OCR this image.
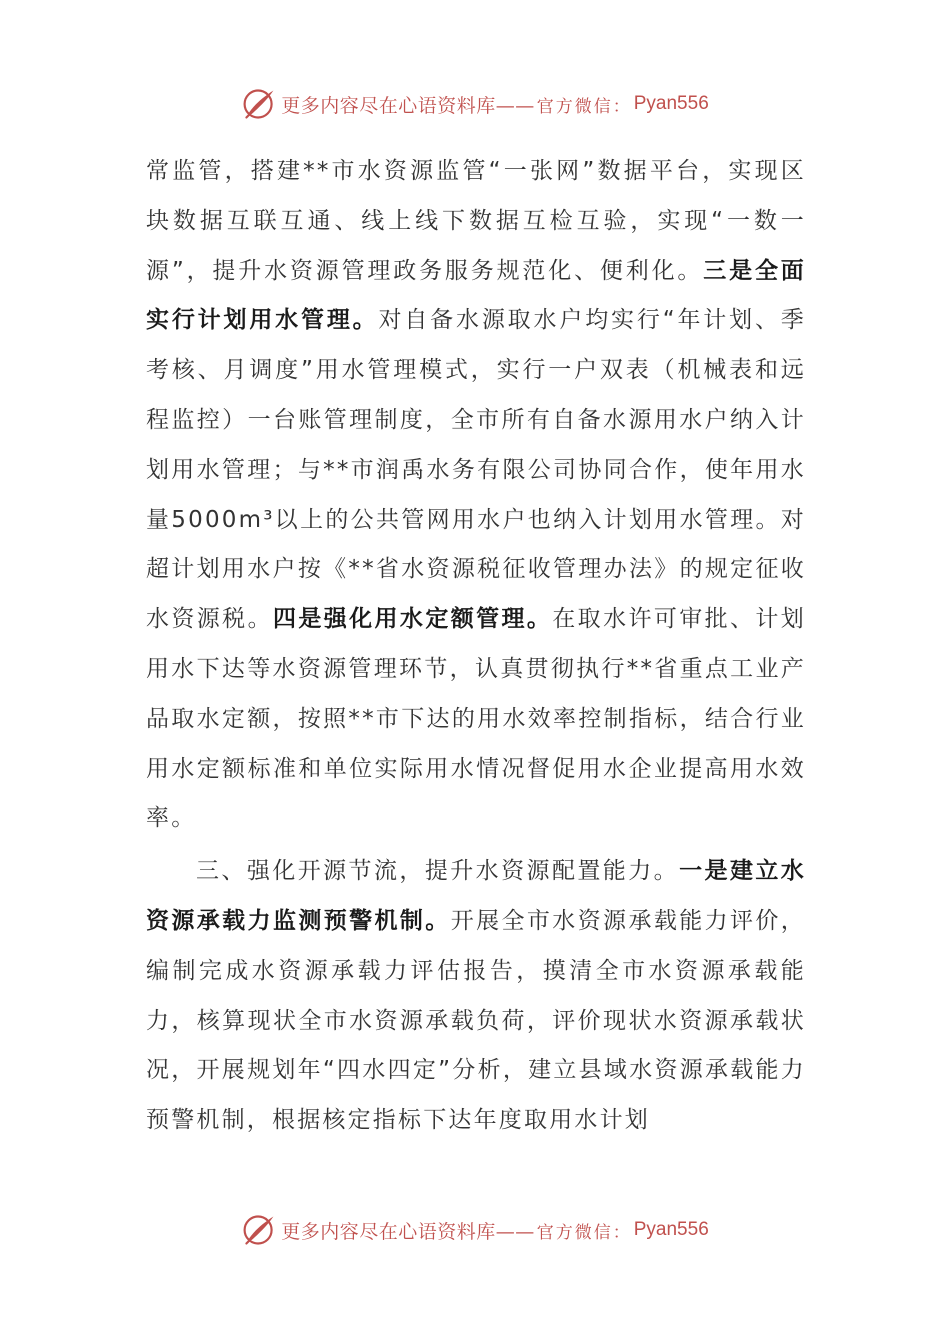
更多内容尽在心语资料库—— 官方微信： Pyan556

常监管，搭建**市水资源监管“一张网”数据平台，实现区块数据互联互通、线上线下数据互检互验，实现“一数一源”，提升水资源管理政务服务规范化、便利化。三是全面实行计划用水管理。对自备水源取水户均实行“年计划、季考核、月调度”用水管理模式，实行一户双表（机械表和远程监控）一台账管理制度，全市所有自备水源用水户纳入计划用水管理；与**市润禹水务有限公司协同合作，使年用水量5000m³以上的公共管网用水户也纳入计划用水管理。对超计划用水户按《**省水资源税征收管理办法》的规定征收水资源税。四是强化用水定额管理。在取水许可审批、计划用水下达等水资源管理环节，认真贯彻执行**省重点工业产品取水定额，按照**市下达的用水效率控制指标，结合行业用水定额标准和单位实际用水情况督促用水企业提高用水效率。

三、强化开源节流，提升水资源配置能力。一是建立水资源承载力监测预警机制。开展全市水资源承载能力评价，编制完成水资源承载力评估报告，摸清全市水资源承载能力，核算现状全市水资源承载负荷，评价现状水资源承载状况，开展规划年“四水四定”分析，建立县域水资源承载能力预警机制，根据核定指标下达年度取用水计划

更多内容尽在心语资料库—— 官方微信： Pyan556
